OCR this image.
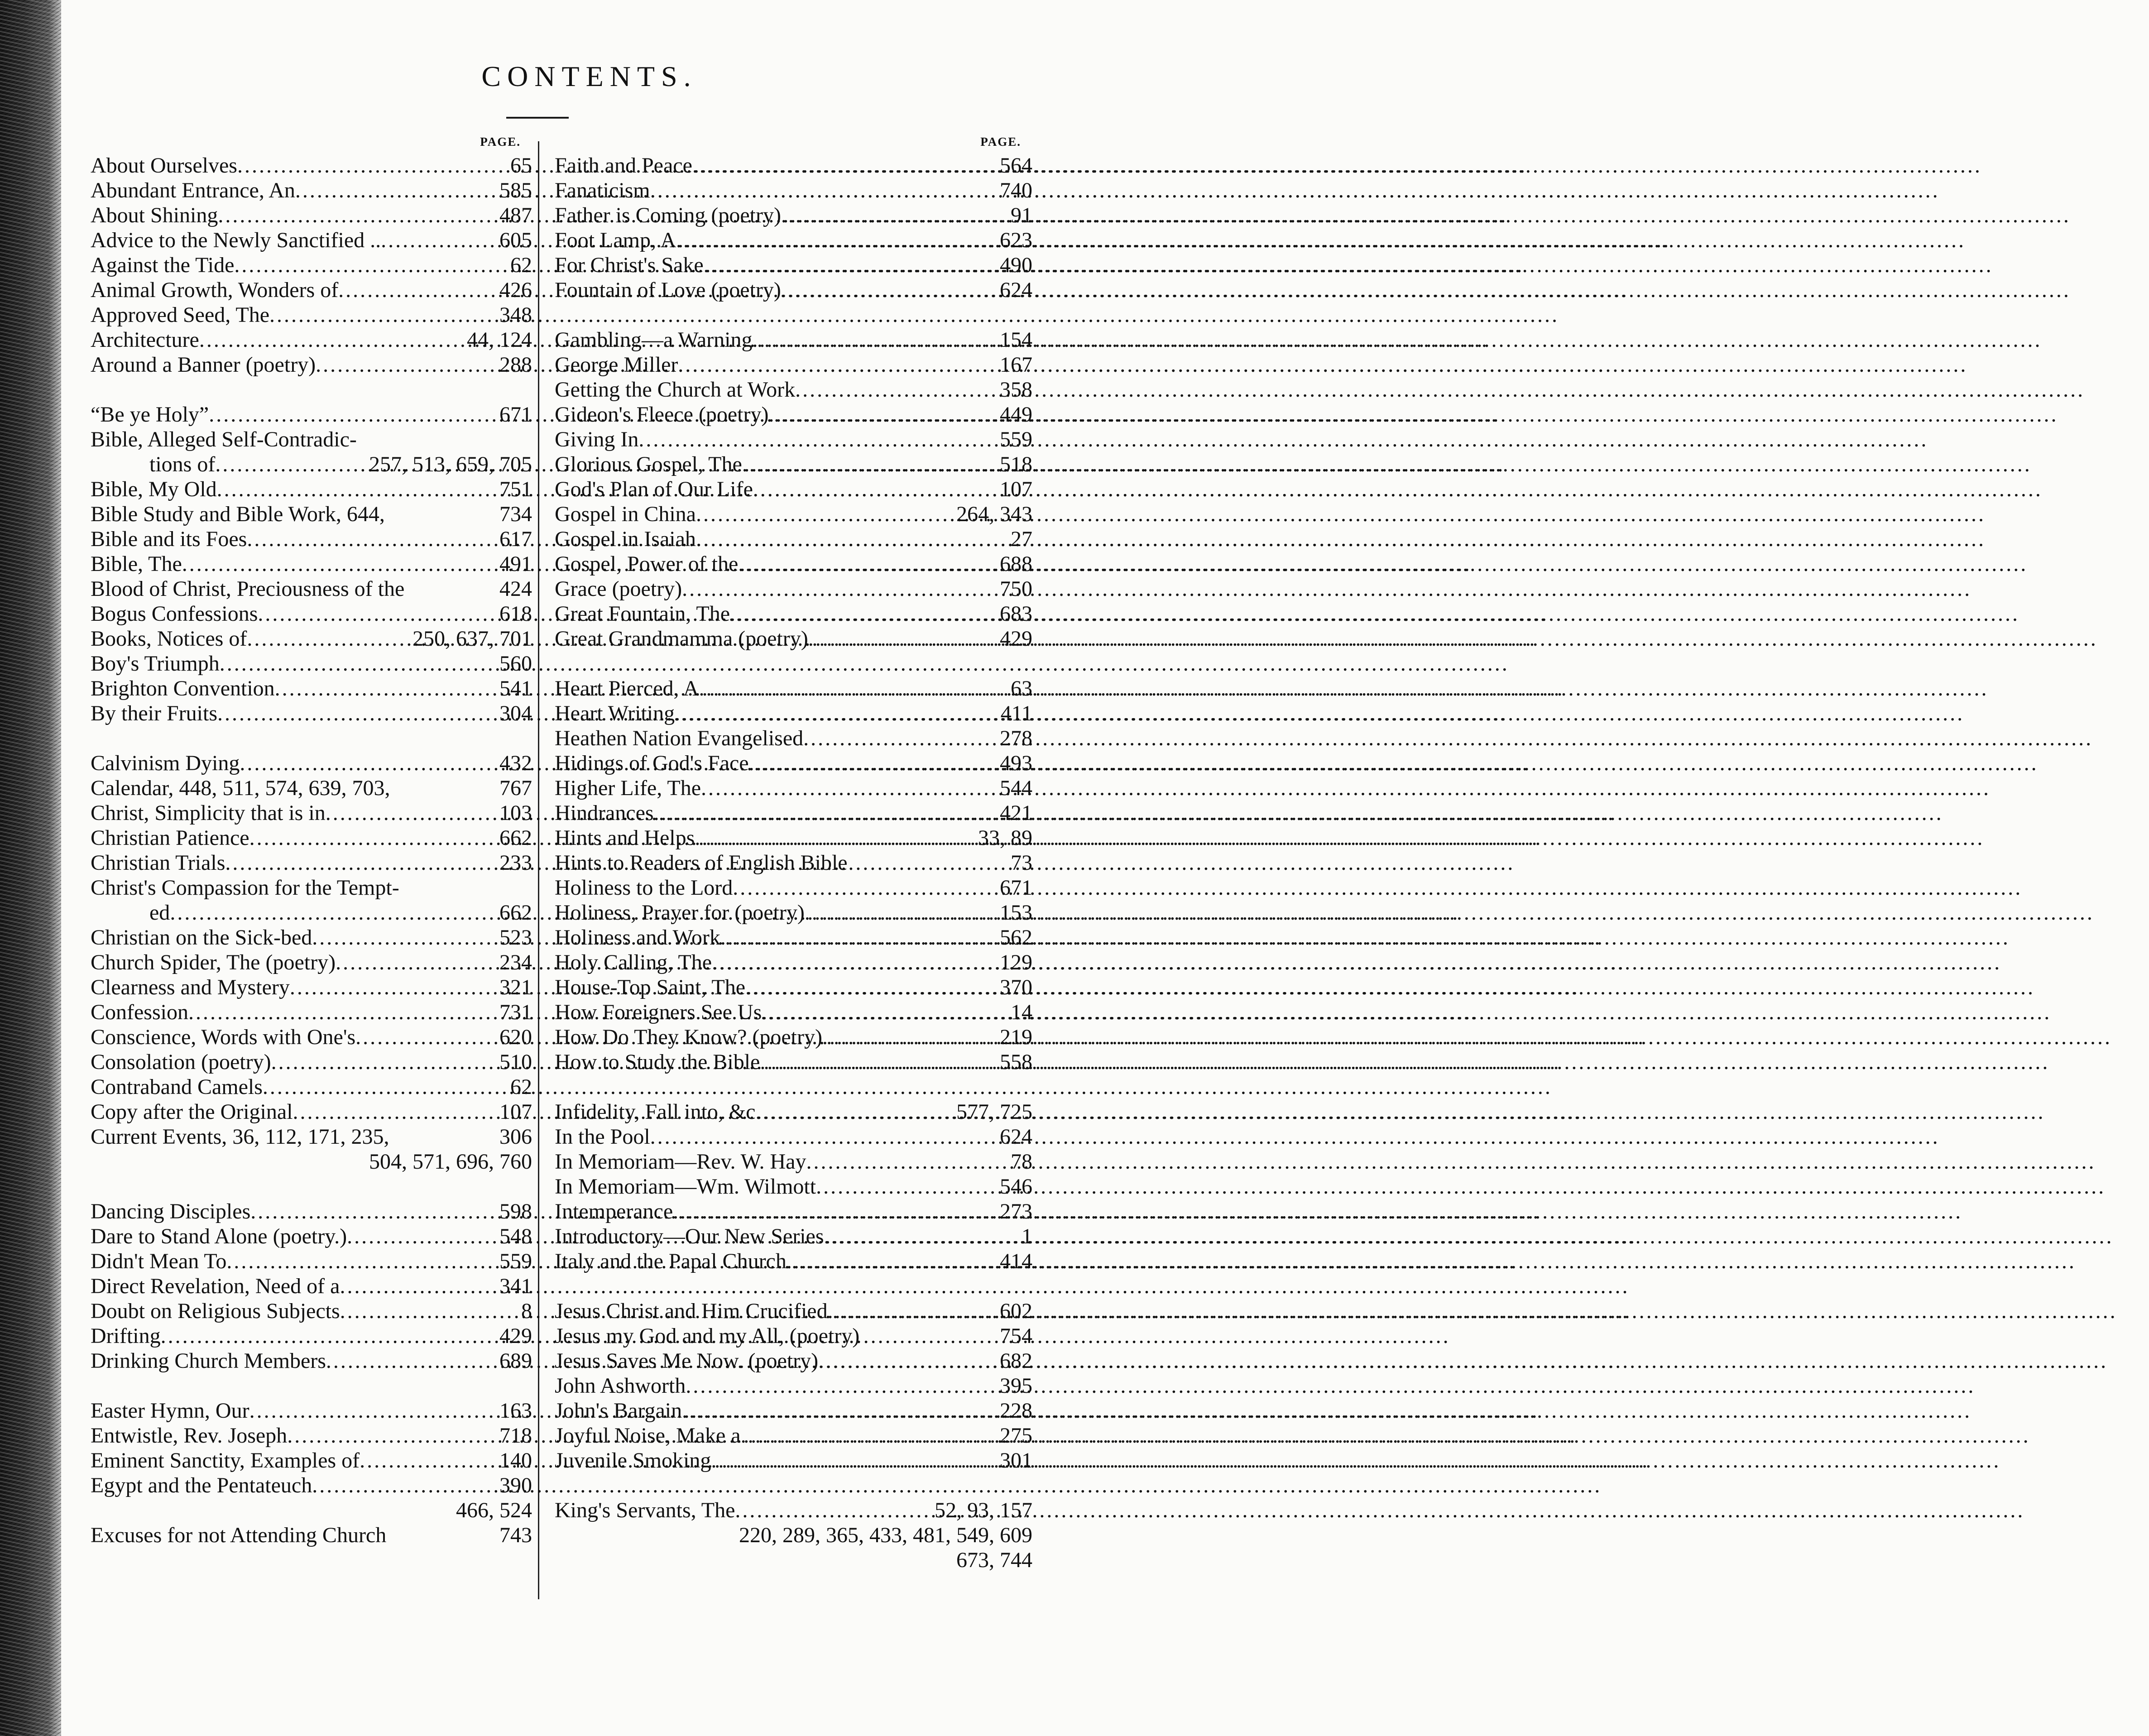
CONTENTS.
PAGE.
About Ourselves .....	65
Abundant Entrance, An .....	585
About Shining .....	487
Advice to the Newly Sanctified .. .....	605
Against the Tide .....	62
Animal Growth, Wonders of .....	426
Approved Seed, The .....	348
Architecture .....	44, 124
Around a Banner (poetry) .....	288
“Be ye Holy” .....	671
Bible, Alleged Self-Contradic-
tions of .....	257, 513, 659, 705
Bible, My Old .....	751
Bible Study and Bible Work, 644,	734
Bible and its Foes .....	617
Bible, The .....	491
Blood of Christ, Preciousness of the	424
Bogus Confessions .....	618
Books, Notices of .....	250, 637, 701
Boy's Triumph .....	560
Brighton Convention .....	541
By their Fruits .....	304
Calvinism Dying .....	432
Calendar, 448, 511, 574, 639, 703,	767
Christ, Simplicity that is in .....	103
Christian Patience .....	662
Christian Trials .....	233
Christ's Compassion for the Tempt-
ed .....	662
Christian on the Sick-bed .....	523
Church Spider, The (poetry) .....	234
Clearness and Mystery .....	321
Confession .....	731
Conscience, Words with One's .....	620
Consolation (poetry) .....	510
Contraband Camels .....	62
Copy after the Original .....	107
Current Events, 36, 112, 171, 235,	306
504, 571, 696, 760
Dancing Disciples .....	598
Dare to Stand Alone (poetry.) .....	548
Didn't Mean To .....	559
Direct Revelation, Need of a .....	341
Doubt on Religious Subjects .....	8
Drifting .....	429
Drinking Church Members .....	689
Easter Hymn, Our .....	163
Entwistle, Rev. Joseph .....	718
Eminent Sanctity, Examples of .....	140
Egypt and the Pentateuch .....	390
466, 524
Excuses for not Attending Church	743
PAGE.
Faith and Peace .....	564
Fanaticism .....	740
Father is Coming (poetry) .....	91
Foot Lamp, A .....	623
For Christ's Sake .....	490
Fountain of Love (poetry) .....	624
Gambling—a Warning .....	154
George Miller .....	167
Getting the Church at Work .....	358
Gideon's Fleece (poetry) .....	449
Giving In .....	559
Glorious Gospel, The .....	518
God's Plan of Our Life .....	107
Gospel in China .....	264, 343
Gospel in Isaiah .....	27
Gospel, Power of the .....	688
Grace (poetry) .....	750
Great Fountain, The .....	683
Great Grandmamma (poetry) .....	429
Heart Pierced, A .....	63
Heart Writing .....	411
Heathen Nation Evangelised .....	278
Hidings of God's Face .....	493
Higher Life, The .....	544
Hindrances .....	421
Hints and Helps .....	33, 89
Hints to Readers of English Bible	73
Holiness to the Lord .....	671
Holiness, Prayer for (poetry) .....	153
Holiness and Work .....	562
Holy Calling, The .....	129
House-Top Saint, The .....	370
How Foreigners See Us .....	14
How Do They Know? (poetry) .....	219
How to Study the Bible .....	558
Infidelity, Fall into, &c .....	577, 725
In the Pool .....	624
In Memoriam—Rev. W. Hay .....	78
In Memoriam—Wm. Wilmott .....	546
Intemperance .....	273
Introductory—Our New Series .....	1
Italy and the Papal Church .....	414
Jesus Christ and Him Crucified .....	602
Jesus my God and my All, (poetry)	754
Jesus Saves Me Now. (poetry) .....	682
John Ashworth .....	395
John's Bargain .....	228
Joyful Noise, Make a .....	275
Juvenile Smoking .....	301
King's Servants, The .....	52, 93, 157
220, 289, 365, 433, 481, 549, 609
673, 744
